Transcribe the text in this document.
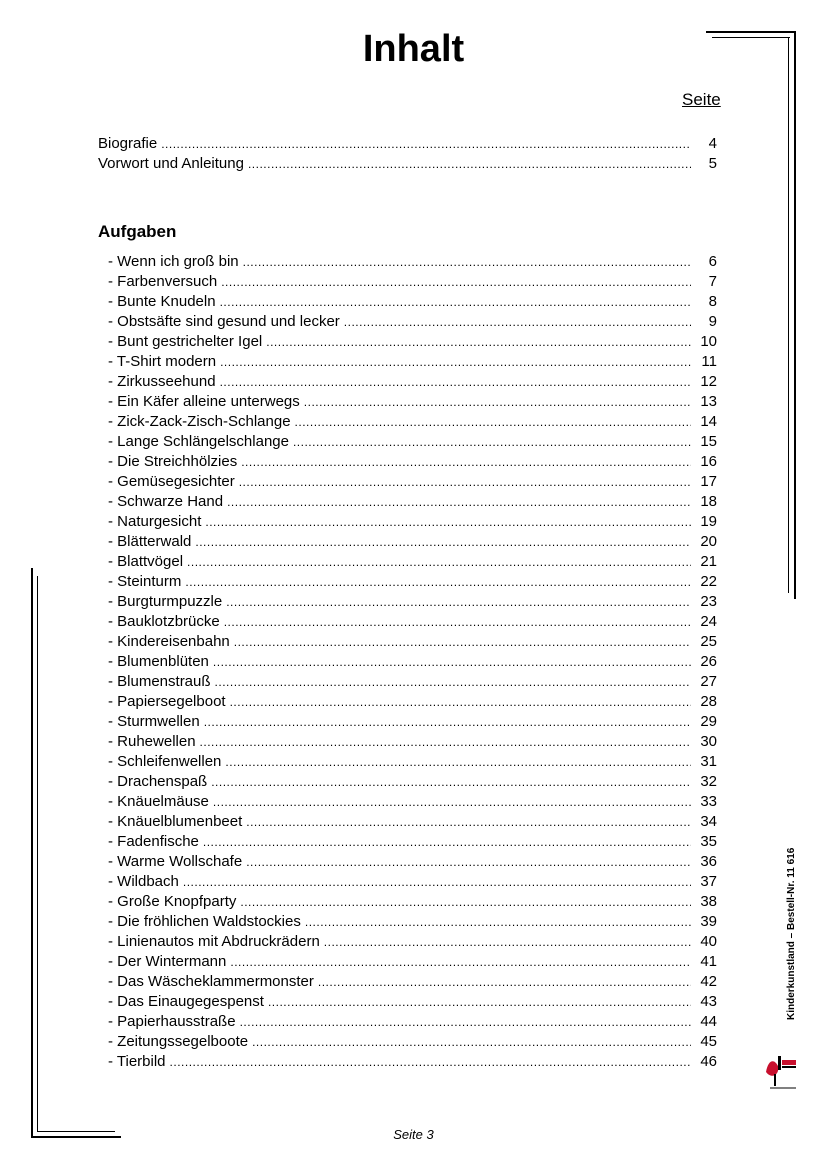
Inhalt
Seite
Biografie .....	4
Vorwort und Anleitung .....	5
Aufgaben
- Wenn ich groß bin .....	6
- Farbenversuch .....	7
- Bunte Knudeln .....	8
- Obstsäfte sind gesund und lecker .....	9
- Bunt gestrichelter Igel .....	10
- T-Shirt modern .....	11
- Zirkusseehund .....	12
- Ein Käfer alleine unterwegs .....	13
- Zick-Zack-Zisch-Schlange .....	14
- Lange Schlängelschlange .....	15
- Die Streichhölzies .....	16
- Gemüsegesichter .....	17
- Schwarze Hand .....	18
- Naturgesicht .....	19
- Blätterwald .....	20
- Blattvögel .....	21
- Steinturm .....	22
- Burgturmpuzzle .....	23
- Bauklotzbrücke .....	24
- Kindereisenbahn .....	25
- Blumenblüten .....	26
- Blumenstrauß .....	27
- Papiersegelboot .....	28
- Sturmwellen .....	29
- Ruhewellen .....	30
- Schleifenwellen .....	31
- Drachenspaß .....	32
- Knäuelmäuse .....	33
- Knäuelblumenbeet .....	34
- Fadenfische .....	35
- Warme Wollschafe .....	36
- Wildbach .....	37
- Große Knopfparty .....	38
- Die fröhlichen Waldstockies .....	39
- Linienautos mit Abdruckrädern .....	40
- Der Wintermann .....	41
- Das Wäscheklammermonster .....	42
- Das Einaugegespenst .....	43
- Papierhausstraße .....	44
- Zeitungssegelboote .....	45
- Tierbild .....	46
Kinderkunstland – Bestell-Nr. 11 616
Seite 3
